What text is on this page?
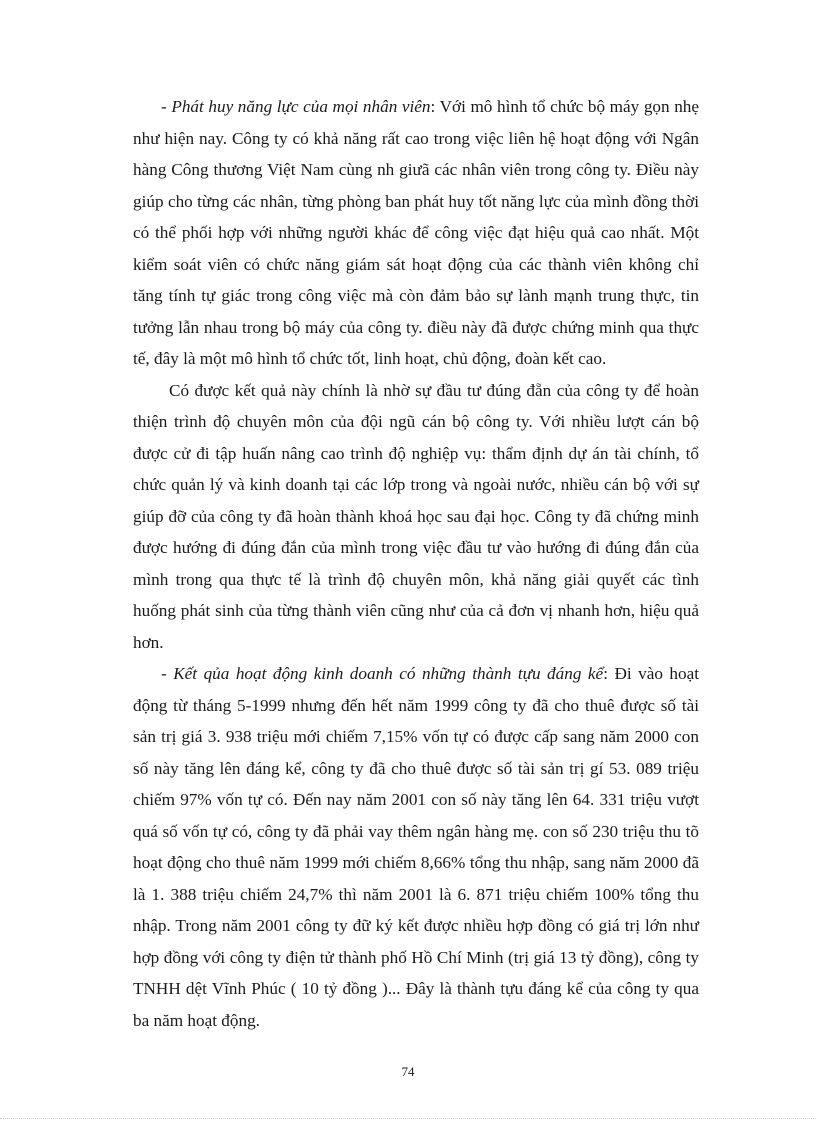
- Phát huy năng lực của mọi nhân viên: Với mô hình tổ chức bộ máy gọn nhẹ như hiện nay. Công ty có khả năng rất cao trong việc liên hệ hoạt động với Ngân hàng Công thương Việt Nam cùng nh giưã các nhân viên trong công ty. Điều này giúp cho từng các nhân, từng phòng ban phát huy tốt năng lực của mình đồng thời có thể phối hợp với những người khác để công việc đạt hiệu quả cao nhất. Một kiểm soát viên có chức năng giám sát hoạt động của các thành viên không chỉ tăng tính tự giác trong công việc mà còn đảm bảo sự lành mạnh trung thực, tin tưởng lẫn nhau trong bộ máy của công ty. điều này đã được chứng minh qua thực tế, đây là một mô hình tổ chức tốt, linh hoạt, chủ động, đoàn kết cao.

Có được kết quả này chính là nhờ sự đầu tư đúng đẵn của công ty để hoàn thiện trình độ chuyên môn của đội ngũ cán bộ công ty. Với nhiều lượt cán bộ được cử đi tập huấn nâng cao trình độ nghiệp vụ: thẩm định dự án tài chính, tổ chức quản lý và kinh doanh tại các lớp trong và ngoài nước, nhiều cán bộ với sự giúp đỡ của công ty đã hoàn thành khoá học sau đại học. Công ty đã chứng minh được hướng đi đúng đắn của mình trong việc đầu tư vào hướng đi đúng đắn của mình trong qua thực tế là trình độ chuyên môn, khả năng giải quyết các tình huống phát sinh của từng thành viên cũng như của cả đơn vị nhanh hơn, hiệu quả hơn.

- Kết qủa hoạt động kinh doanh có những thành tựu đáng kể: Đi vào hoạt động từ tháng 5-1999 nhưng đến hết năm 1999 công ty đã cho thuê được số tài sản trị giá 3. 938 triệu mới chiếm 7,15% vốn tự có được cấp sang năm 2000 con số này tăng lên đáng kể, công ty đã cho thuê được số tài sản trị gí 53. 089 triệu chiếm 97% vốn tự có. Đến nay năm 2001 con số này tăng lên 64. 331 triệu vượt quá số vốn tự có, công ty đã phải vay thêm ngân hàng mẹ. con số 230 triệu thu tõ hoạt động cho thuê năm 1999 mới chiếm 8,66% tổng thu nhập, sang năm 2000 đã là 1. 388 triệu chiếm 24,7% thì năm 2001 là 6. 871 triệu chiếm 100% tổng thu nhập. Trong năm 2001 công ty đữ ký kết được nhiều hợp đồng có giá trị lớn như hợp đồng với công ty điện tử thành phố Hồ Chí Minh (trị giá 13 tỷ đồng), công ty TNHH dệt Vĩnh Phúc ( 10 tỷ đồng )... Đây là thành tựu đáng kể của công ty qua ba năm hoạt động.

74
